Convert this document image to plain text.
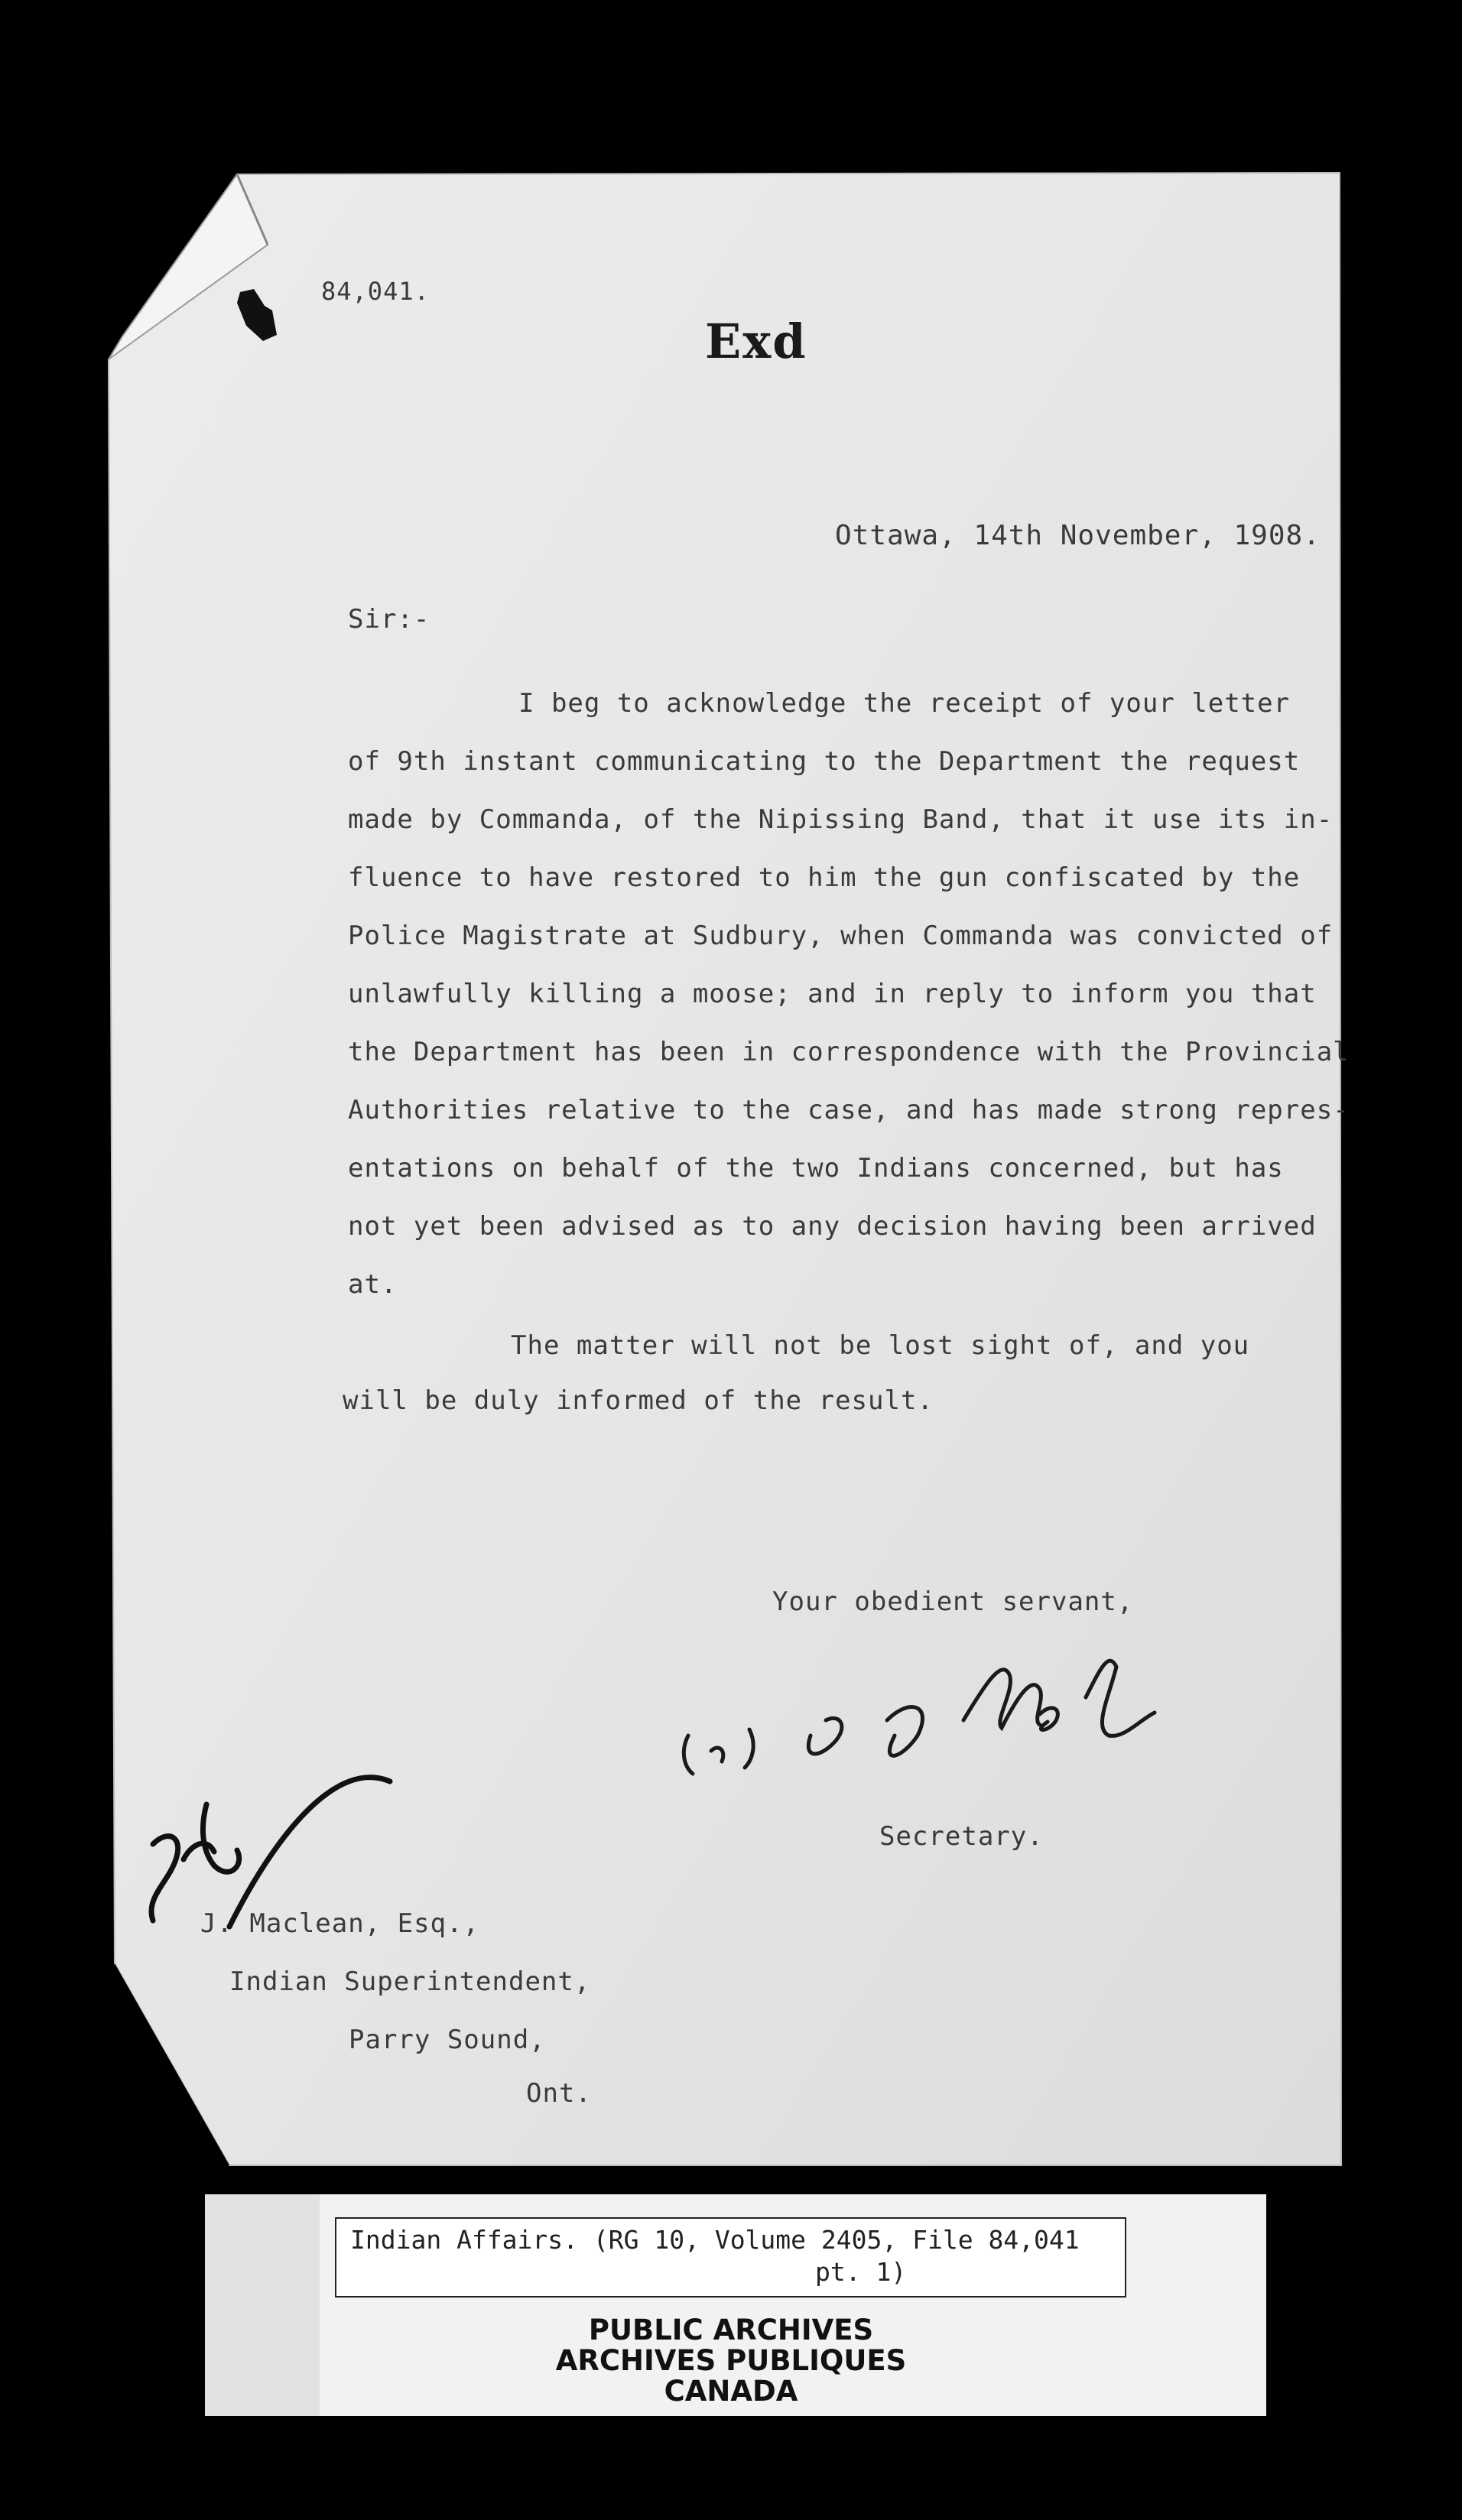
84,041.
Exd
Ottawa, 14th November, 1908.
Sir:-
I beg to acknowledge the receipt of your letter
of 9th instant communicating to the Department the request
made by Commanda, of the Nipissing Band, that it use its in-
fluence to have restored to him the gun confiscated by the
Police Magistrate at Sudbury, when Commanda was convicted of
unlawfully killing a moose; and in reply to inform you that
the Department has been in correspondence with the Provincial
Authorities relative to the case, and has made strong repres-
entations on behalf of the two Indians concerned, but has
not yet been advised as to any decision having been arrived
at.
The matter will not be lost sight of, and you
will be duly informed of the result.
Your obedient servant,
Secretary.
J. Maclean, Esq.,
Indian Superintendent,
Parry Sound,
Ont.
Indian Affairs. (RG 10, Volume 2405, File 84,041
pt. 1)
PUBLIC ARCHIVES
ARCHIVES PUBLIQUES
CANADA
